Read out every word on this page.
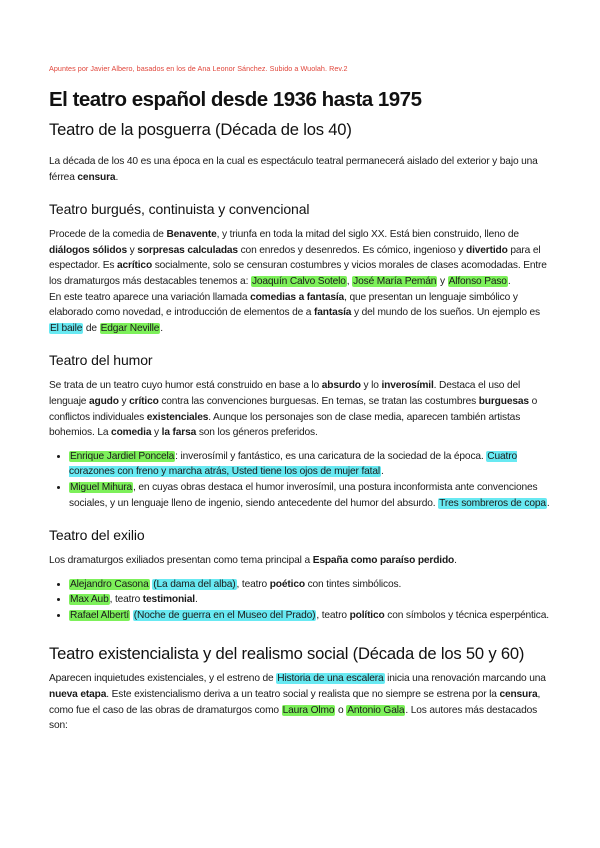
Apuntes por Javier Albero, basados en los de Ana Leonor Sánchez. Subido a Wuolah. Rev.2
El teatro español desde 1936 hasta 1975
Teatro de la posguerra (Década de los 40)

La década de los 40 es una época en la cual es espectáculo teatral permanecerá aislado del exterior y bajo una férrea censura.

Teatro burgués, continuista y convencional

Procede de la comedia de Benavente, y triunfa en toda la mitad del siglo XX. Está bien construido, lleno de diálogos sólidos y sorpresas calculadas con enredos y desenredos. Es cómico, ingenioso y divertido para el espectador. Es acrítico socialmente, solo se censuran costumbres y vicios morales de clases acomodadas. Entre los dramaturgos más destacables tenemos a: Joaquín Calvo Sotelo, José María Pemán y Alfonso Paso.

En este teatro aparece una variación llamada comedias a fantasía, que presentan un lenguaje simbólico y elaborado como novedad, e introducción de elementos de a fantasía y del mundo de los sueños. Un ejemplo es El baile de Edgar Neville.

Teatro del humor

Se trata de un teatro cuyo humor está construido en base a lo absurdo y lo inverosímil. Destaca el uso del lenguaje agudo y crítico contra las convenciones burguesas. En temas, se tratan las costumbres burguesas o conflictos individuales existenciales. Aunque los personajes son de clase media, aparecen también artistas bohemios. La comedia y la farsa son los géneros preferidos.

• Enrique Jardiel Poncela: inverosímil y fantástico, es una caricatura de la sociedad de la época. Cuatro corazones con freno y marcha atrás, Usted tiene los ojos de mujer fatal.
• Miguel Mihura, en cuyas obras destaca el humor inverosímil, una postura inconformista ante convenciones sociales, y un lenguaje lleno de ingenio, siendo antecedente del humor del absurdo. Tres sombreros de copa.
Teatro del exilio

Los dramaturgos exiliados presentan como tema principal a España como paraíso perdido.

• Alejandro Casona (La dama del alba), teatro poético con tintes simbólicos.
• Max Aub, teatro testimonial.
• Rafael Albertí (Noche de guerra en el Museo del Prado), teatro político con símbolos y técnica esperpéntica.
Teatro existencialista y del realismo social (Década de los 50 y 60)

Aparecen inquietudes existenciales, y el estreno de Historia de una escalera inicia una renovación marcando una nueva etapa. Este existencialismo deriva a un teatro social y realista que no siempre se estrena por la censura, como fue el caso de las obras de dramaturgos como Laura Olmo o Antonio Gala. Los autores más destacados son:
